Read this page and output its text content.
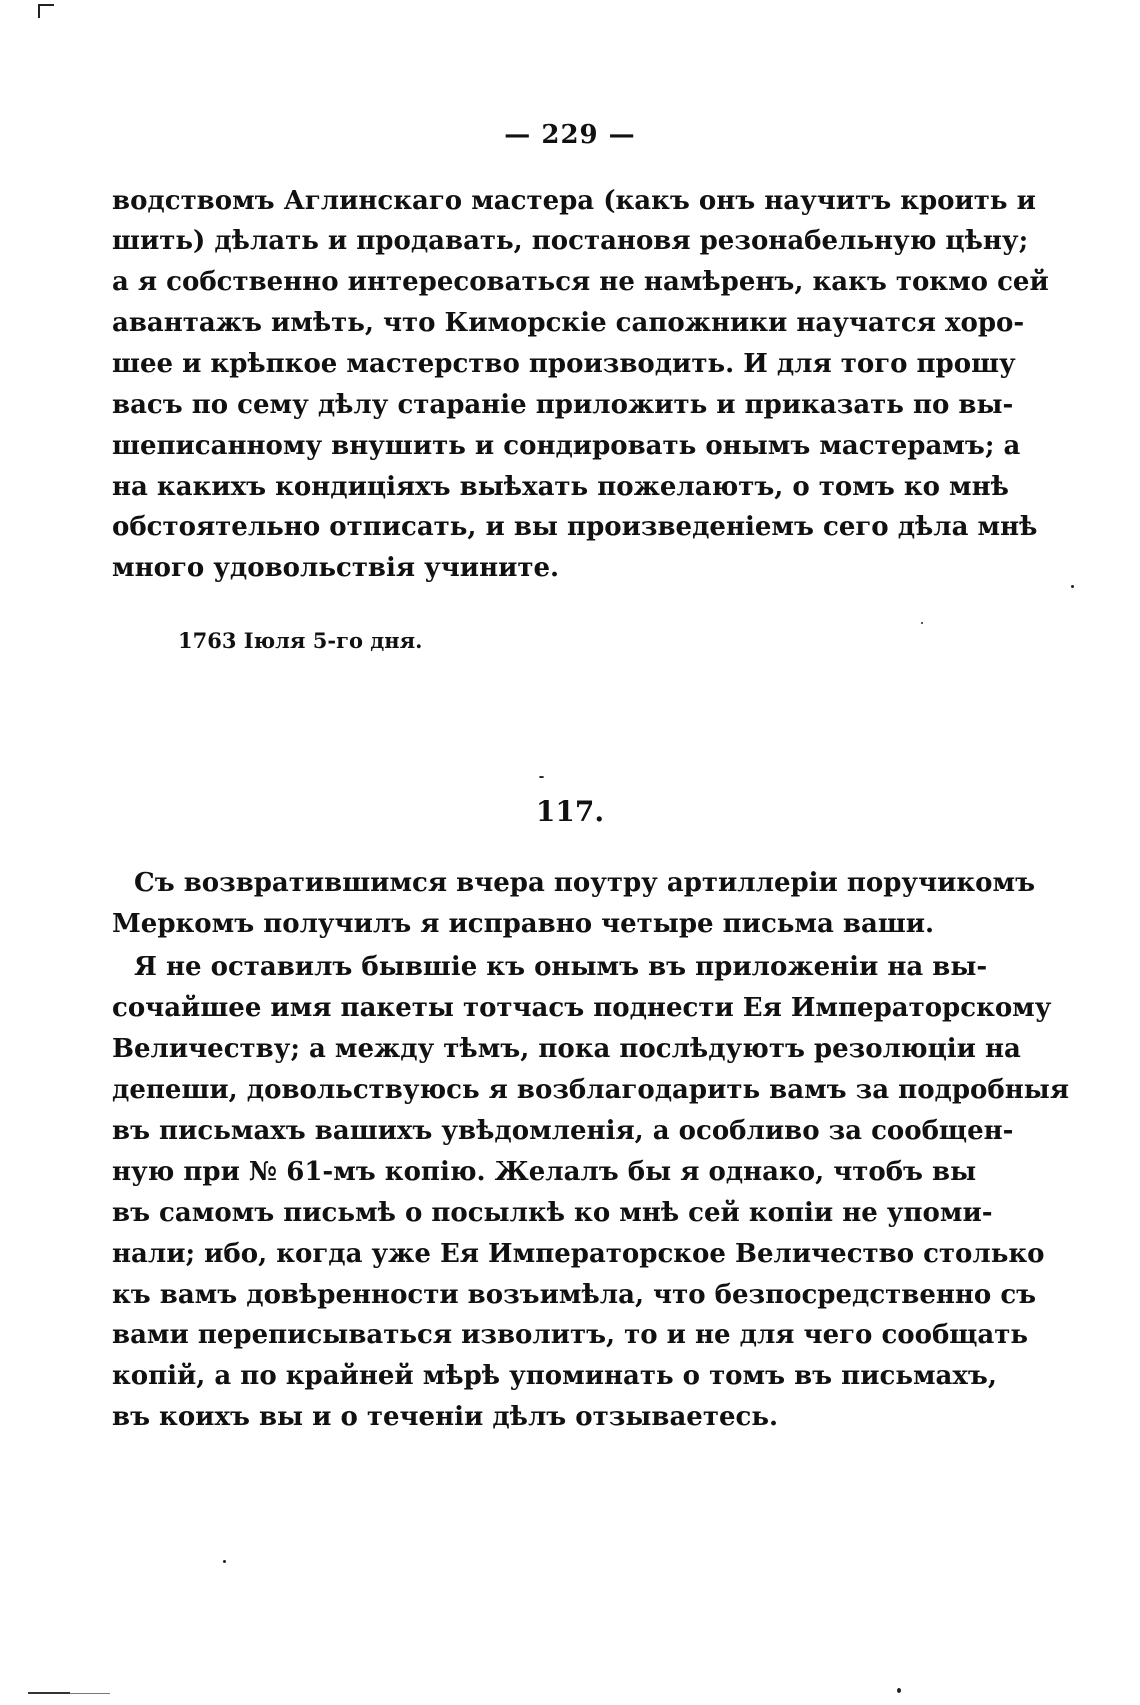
— 229 —
водствомъ Аглинскаго мастера (какъ онъ научитъ кроить и
шить) дѣлать и продавать, постановя резонабельную цѣну;
а я собственно интересоваться не намѣренъ, какъ токмо сей
авантажъ имѣть, что Киморскіе сапожники научатся хоро-
шее и крѣпкое мастерство производить. И для того прошу
васъ по сему дѣлу стараніе приложить и приказать по вы-
шеписанному внушить и сондировать онымъ мастерамъ; а
на какихъ кондиціяхъ выѣхать пожелаютъ, о томъ ко мнѣ
обстоятельно отписать, и вы произведеніемъ сего дѣла мнѣ
много удовольствія учините.
1763 Іюля 5-го дня.
117.
Съ возвратившимся вчера поутру артиллеріи поручикомъ
Меркомъ получилъ я исправно четыре письма ваши.
Я не оставилъ бывшіе къ онымъ въ приложеніи на вы-
сочайшее имя пакеты тотчасъ поднести Ея Императорскому
Величеству; а между тѣмъ, пока послѣдуютъ резолюціи на
депеши, довольствуюсь я возблагодарить вамъ за подробныя
въ письмахъ вашихъ увѣдомленія, а особливо за сообщен-
ную при № 61-мъ копію. Желалъ бы я однако, чтобъ вы
въ самомъ письмѣ о посылкѣ ко мнѣ сей копіи не упоми-
нали; ибо, когда уже Ея Императорское Величество столько
къ вамъ довѣренности возъимѣла, что безпосредственно съ
вами переписываться изволитъ, то и не для чего сообщать
копій, а по крайней мѣрѣ упоминать о томъ въ письмахъ,
въ коихъ вы и о теченіи дѣлъ отзываетесь.
